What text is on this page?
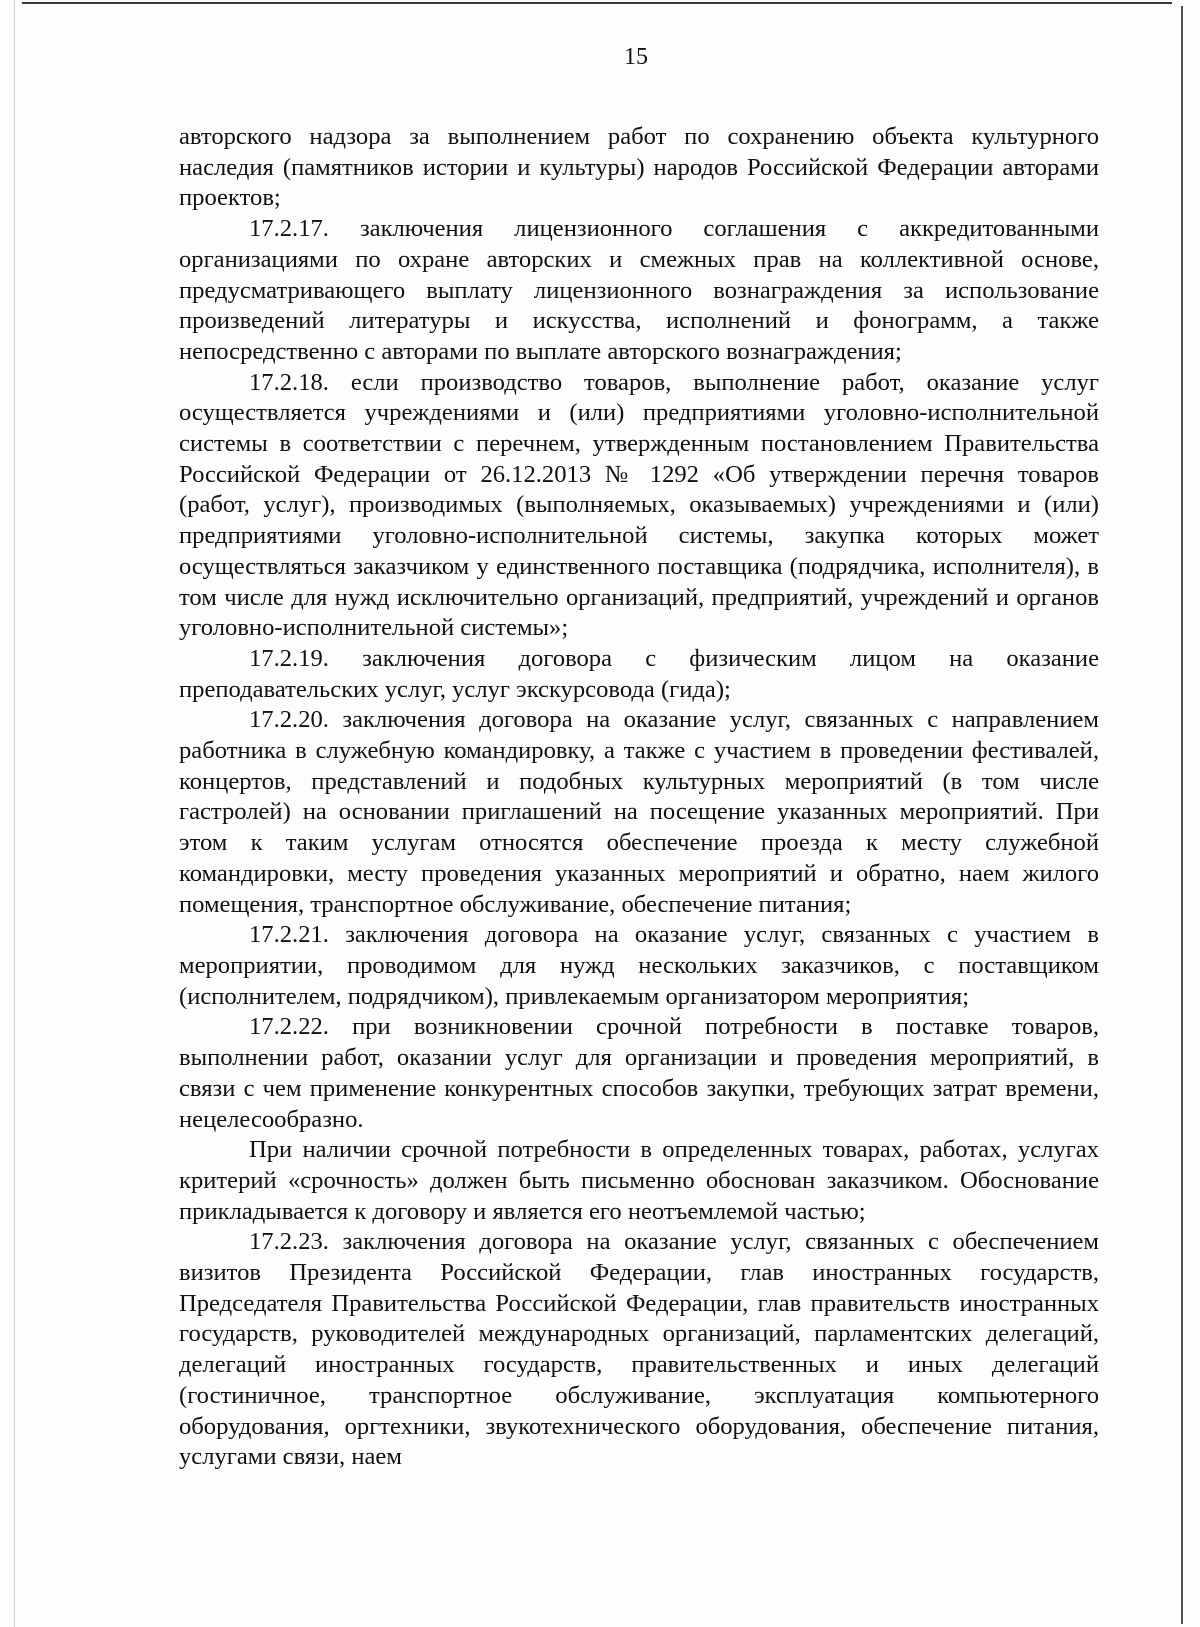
15

авторского надзора за выполнением работ по сохранению объекта культурного наследия (памятников истории и культуры) народов Российской Федерации авторами проектов;

17.2.17. заключения лицензионного соглашения с аккредитованными организациями по охране авторских и смежных прав на коллективной основе, предусматривающего выплату лицензионного вознаграждения за использование произведений литературы и искусства, исполнений и фонограмм, а также непосредственно с авторами по выплате авторского вознаграждения;

17.2.18. если производство товаров, выполнение работ, оказание услуг осуществляется учреждениями и (или) предприятиями уголовно-исполнительной системы в соответствии с перечнем, утвержденным постановлением Правительства Российской Федерации от 26.12.2013 № 1292 «Об утверждении перечня товаров (работ, услуг), производимых (выполняемых, оказываемых) учреждениями и (или) предприятиями уголовно-исполнительной системы, закупка которых может осуществляться заказчиком у единственного поставщика (подрядчика, исполнителя), в том числе для нужд исключительно организаций, предприятий, учреждений и органов уголовно-исполнительной системы»;

17.2.19. заключения договора с физическим лицом на оказание преподавательских услуг, услуг экскурсовода (гида);

17.2.20. заключения договора на оказание услуг, связанных с направлением работника в служебную командировку, а также с участием в проведении фестивалей, концертов, представлений и подобных культурных мероприятий (в том числе гастролей) на основании приглашений на посещение указанных мероприятий. При этом к таким услугам относятся обеспечение проезда к месту служебной командировки, месту проведения указанных мероприятий и обратно, наем жилого помещения, транспортное обслуживание, обеспечение питания;

17.2.21. заключения договора на оказание услуг, связанных с участием в мероприятии, проводимом для нужд нескольких заказчиков, с поставщиком (исполнителем, подрядчиком), привлекаемым организатором мероприятия;

17.2.22. при возникновении срочной потребности в поставке товаров, выполнении работ, оказании услуг для организации и проведения мероприятий, в связи с чем применение конкурентных способов закупки, требующих затрат времени, нецелесообразно.

При наличии срочной потребности в определенных товарах, работах, услугах критерий «срочность» должен быть письменно обоснован заказчиком. Обоснование прикладывается к договору и является его неотъемлемой частью;

17.2.23. заключения договора на оказание услуг, связанных с обеспечением визитов Президента Российской Федерации, глав иностранных государств, Председателя Правительства Российской Федерации, глав правительств иностранных государств, руководителей международных организаций, парламентских делегаций, делегаций иностранных государств, правительственных и иных делегаций (гостиничное, транспортное обслуживание, эксплуатация компьютерного оборудования, оргтехники, звукотехнического оборудования, обеспечение питания, услугами связи, наем
